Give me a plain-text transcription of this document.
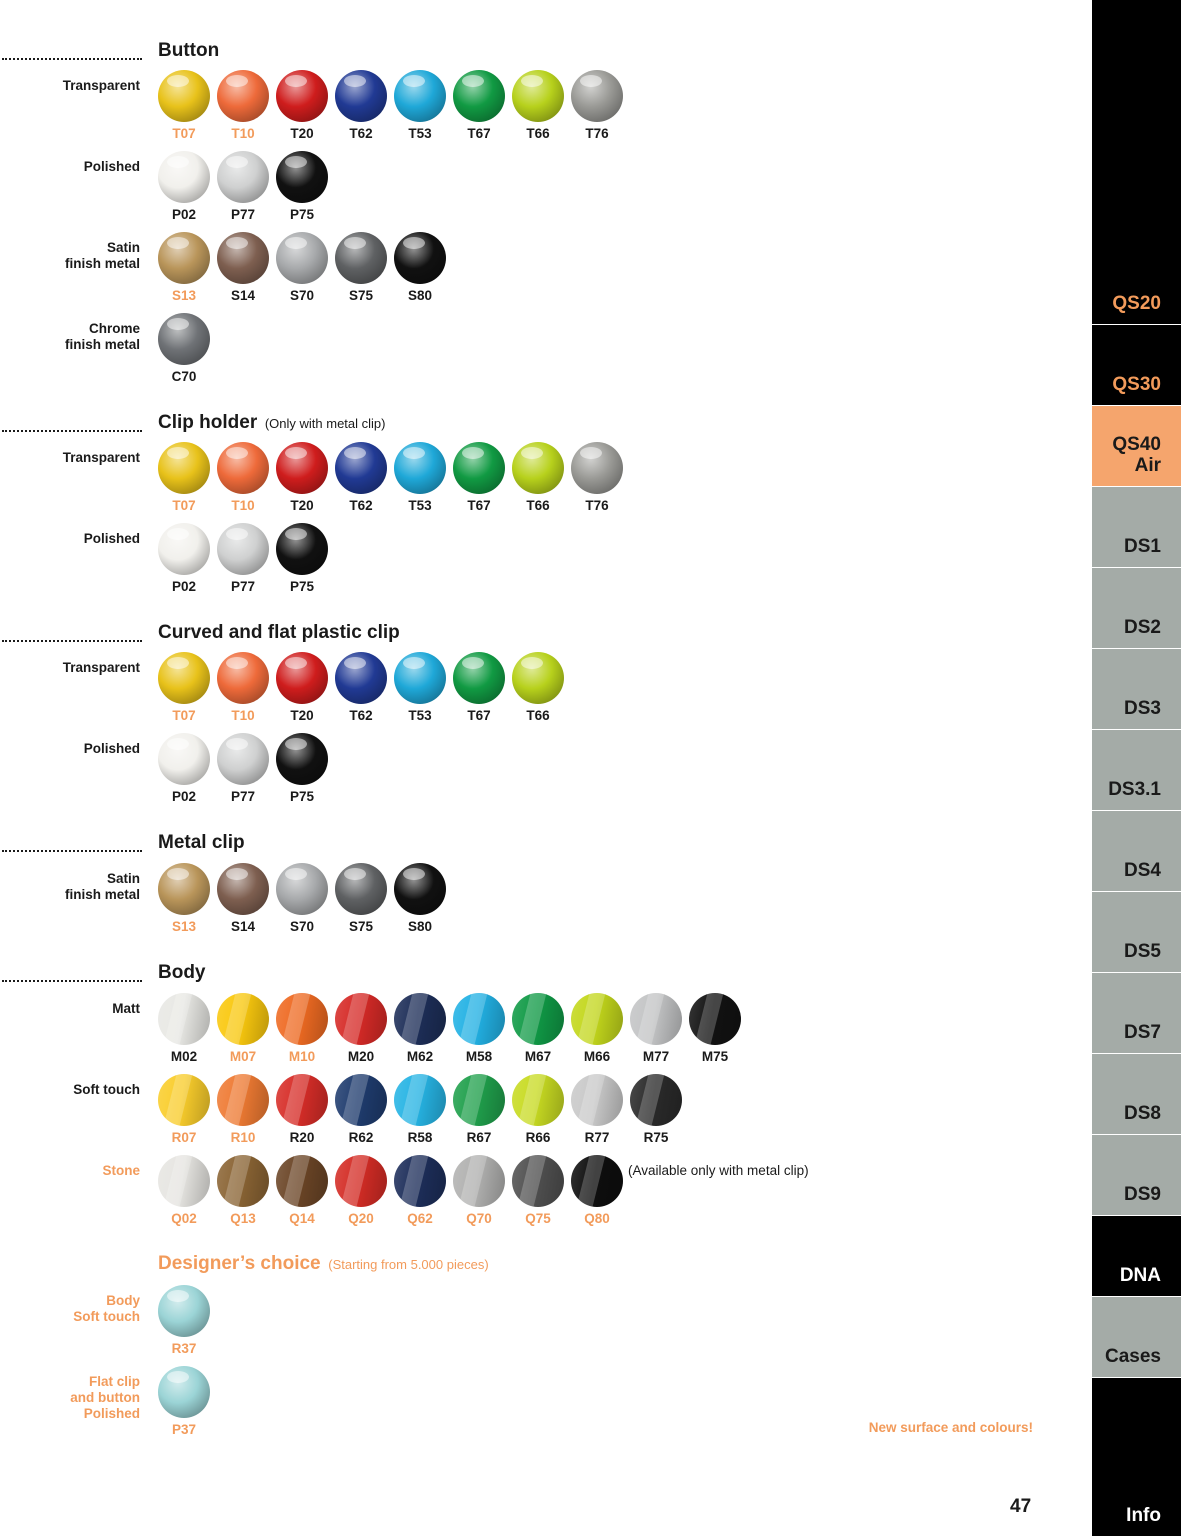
Button
Transparent
T07	T10	T20	T62	T53	T67	T66	T76
Polished
P02	P77	P75
Satin
finish metal
S13	S14	S70	S75	S80
Chrome
finish metal
C70
Clip holder (Only with metal clip)
Transparent
T07	T10	T20	T62	T53	T67	T66	T76
Polished
P02	P77	P75
Curved and flat plastic clip
Transparent
T07	T10	T20	T62	T53	T67	T66
Polished
P02	P77	P75
Metal clip
Satin
finish metal
S13	S14	S70	S75	S80
Body
Matt
M02	M07	M10	M20	M62	M58	M67	M66	M77	M75
Soft touch
R07	R10	R20	R62	R58	R67	R66	R77	R75
Stone
Q02	Q13	Q14	Q20	Q62	Q70	Q75	Q80
(Available only with metal clip)
Designer’s choice (Starting from 5.000 pieces)
Body
Soft touch
R37
Flat clip
and button
Polished
P37	New surface and colours!
47
QS20
QS30
QS40
Air
DS1
DS2
DS3
DS3.1
DS4
DS5
DS7
DS8
DS9
DNA
Cases
Info
